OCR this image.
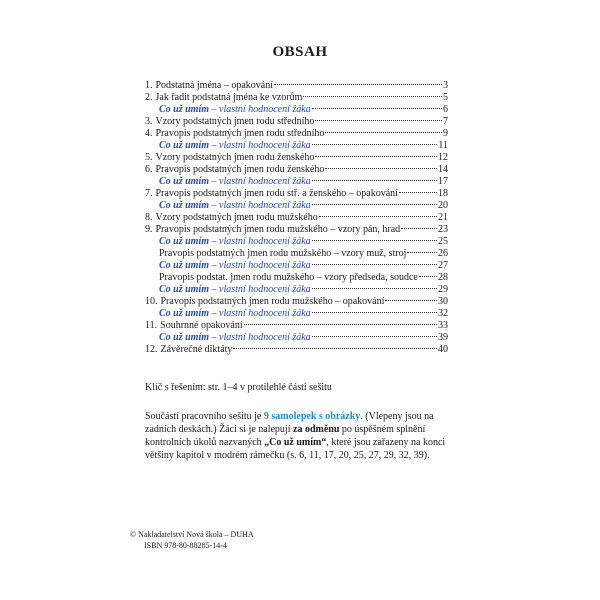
OBSAH
1. Podstatná jména – opakování	3
2. Jak řadit podstatná jména ke vzorům	5
Co už umím – vlastní hodnocení žáka	6
3. Vzory podstatných jmen rodu středního	7
4. Pravopis podstatných jmen rodu středního	9
Co už umím – vlastní hodnocení žáka	11
5. Vzory podstatných jmen rodu ženského	12
6. Pravopis podstatných jmen rodu ženského	14
Co už umím – vlastní hodnocení žáka	17
7. Pravopis podstatných jmen rodu stř. a ženského – opakování	18
Co už umím – vlastní hodnocení žáka	20
8. Vzory podstatných jmen rodu mužského	21
9. Pravopis podstatných jmen rodu mužského – vzory pán, hrad	23
Co už umím – vlastní hodnocení žáka	25
Pravopis podstatných jmen rodu mužského – vzory muž, stroj	26
Co už umím – vlastní hodnocení žáka	27
Pravopis podstat. jmen rodu mužského – vzory předseda, soudce 28
Co už umím – vlastní hodnocení žáka	29
10. Pravopis podstatných jmen rodu mužského – opakování	30
Co už umím – vlastní hodnocení žáka	32
11. Souhrnné opakování	33
Co už umím – vlastní hodnocení žáka	39
12. Závěrečné diktáty	40
Klíč s řešením: str. 1–4 v protilehlé části sešitu
Součástí pracovního sešitu je 9 samolepek s obrázky. (Vlepeny jsou na zadních deskách.) Žáci si je nalepují za odměnu po úspěšném splnění kontrolních úkolů nazvaných „Co už umím“, které jsou zařazeny na konci většiny kapitol v modrém rámečku (s. 6, 11, 17, 20, 25, 27, 29, 32, 39).
© Nakladatelství Nová škola – DUHA
ISBN 978-80-88285-14-4
